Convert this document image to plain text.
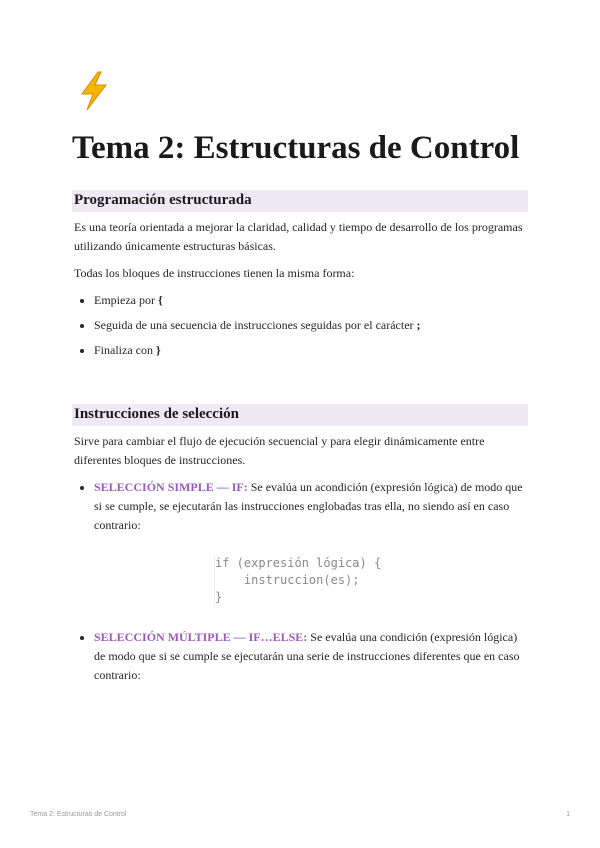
Tema 2: Estructuras de Control
Programación estructurada

Es una teoría orientada a mejorar la claridad, calidad y tiempo de desarrollo de los programas utilizando únicamente estructuras básicas.

Todas los bloques de instrucciones tienen la misma forma:

• Empieza por {
• Seguida de una secuencia de instrucciones seguidas por el carácter ;
• Finaliza con }
Instrucciones de selección

Sirve para cambiar el flujo de ejecución secuencial y para elegir dinámicamente entre diferentes bloques de instrucciones.

• SELECCIÓN SIMPLE — IF: Se evalúa un acondición (expresión lógica) de modo que si se cumple, se ejecutarán las instrucciones englobadas tras ella, no siendo así en caso contrario:
if (expresión lógica) {
instruccion(es);
}
• SELECCIÓN MÚLTIPLE — IF…ELSE: Se evalúa una condición (expresión lógica) de modo que si se cumple se ejecutarán una serie de instrucciones diferentes que en caso contrario:
Tema 2: Estructuras de Control	1
